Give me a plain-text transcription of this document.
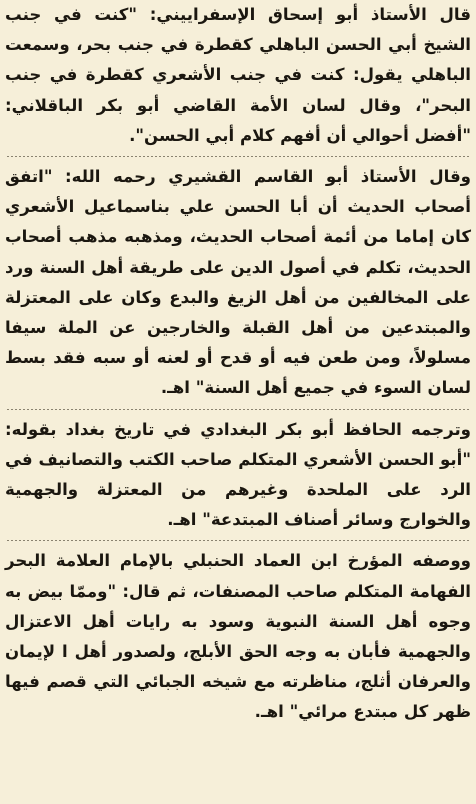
قال الأستاذ أبو إسحاق الإسفراييني: "كنت في جنب الشيخ أبي الحسن الباهلي كقطرة في جنب بحر، وسمعت الباهلي يقول: كنت في جنب الأشعري كقطرة في جنب البحر"، وقال لسان الأمة القاضي أبو بكر الباقلاني: "أفضل أحوالي أن أفهم كلام أبي الحسن".

وقال الأستاذ أبو القاسم القشيري رحمه الله: "اتفق أصحاب الحديث أن أبا الحسن علي بناسماعيل الأشعري كان إماما من أئمة أصحاب الحديث، ومذهبه مذهب أصحاب الحديث، تكلم في أصول الدين على طريقة أهل السنة ورد على المخالفين من أهل الزيغ والبدع وكان على المعتزلة والمبتدعين من أهل القبلة والخارجين عن الملة سيفا مسلولاً، ومن طعن فيه أو قدح أو لعنه أو سبه فقد بسط لسان السوء في جميع أهل السنة" اهـ.

وترجمه الحافظ أبو بكر البغدادي في تاريخ بغداد بقوله: "أبو الحسن الأشعري المتكلم صاحب الكتب والتصانيف في الرد على الملحدة وغيرهم من المعتزلة والجهمية والخوارج وسائر أصناف المبتدعة" اهـ.

ووصفه المؤرخ ابن العماد الحنبلي بالإمام العلامة البحر الفهامة المتكلم صاحب المصنفات، ثم قال: "وممّا بيض به وجوه أهل السنة النبوية وسود به رايات أهل الاعتزال والجهمية فأبان به وجه الحق الأبلج، ولصدور أهل ا لإيمان والعرفان أثلج، مناظرته مع شيخه الجبائي التي قصم فيها ظهر كل مبتدع مرائي" اهـ.
